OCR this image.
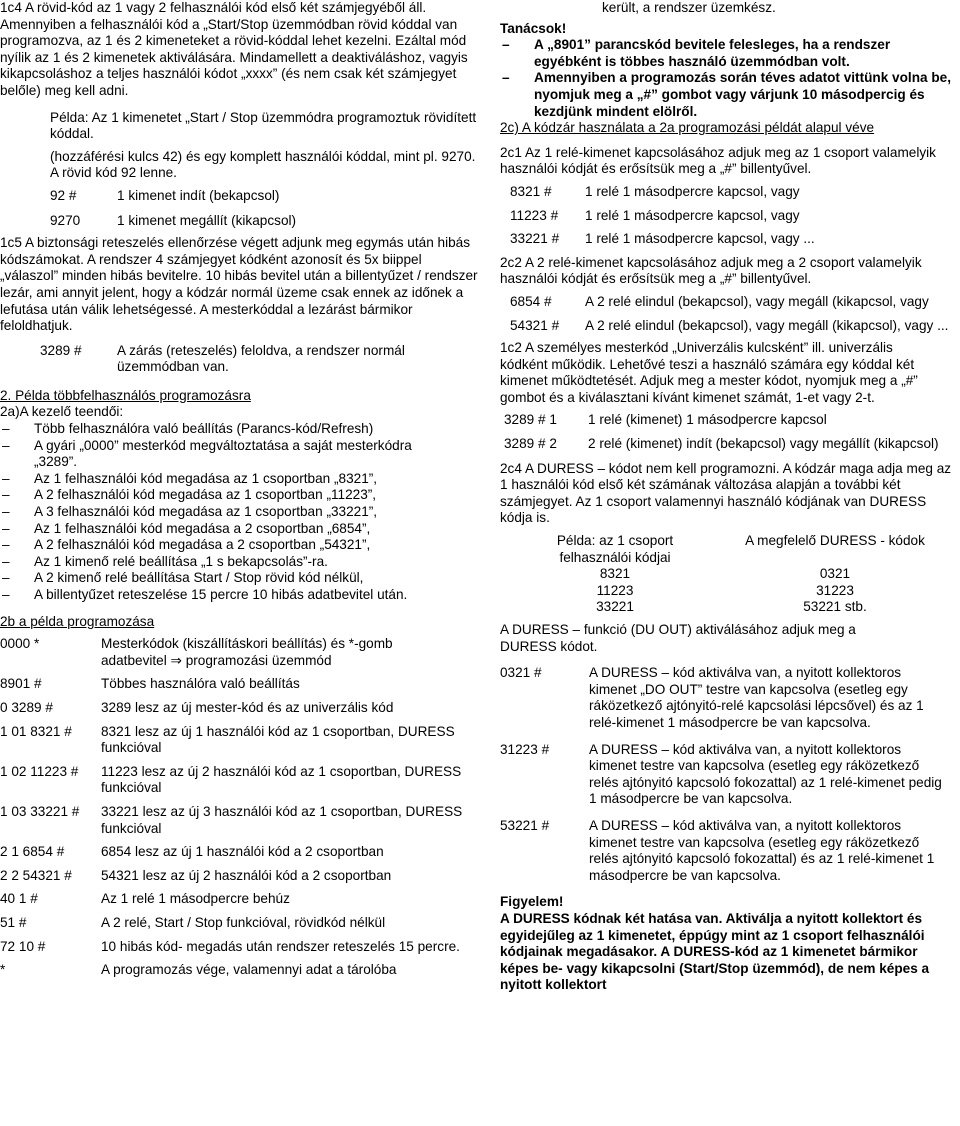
1c4 A rövid-kód az 1 vagy 2 felhasználói kód első két számjegyéből áll. Amennyiben a felhasználói kód a „Start/Stop üzemmódban rövid kóddal van programozva, az 1 és 2 kimeneteket a rövid-kóddal lehet kezelni. Ezáltal mód nyílik az 1 és 2 kimenetek aktiválására. Mindamellett a deaktiváláshoz, vagyis kikapcsoláshoz a teljes használói kódot „xxxx” (és nem csak két számjegyet belőle) meg kell adni.

Példa: Az 1 kimenetet „Start / Stop üzemmódra programoztuk rövidített kóddal.

(hozzáférési kulcs 42) és egy komplett használói kóddal, mint pl. 9270. A rövid kód 92 lenne.

92 #	1 kimenet indít (bekapcsol)
9270	1 kimenet megállít (kikapcsol)

1c5 A biztonsági reteszelés ellenőrzése végett adjunk meg egymás után hibás kódszámokat. A rendszer 4 számjegyet kódként azonosít és 5x biippel „válaszol” minden hibás bevitelre. 10 hibás bevitel után a billentyűzet / rendszer lezár, ami annyit jelent, hogy a kódzár normál üzeme csak ennek az időnek a lefutása után válik lehetségessé. A mesterkóddal a lezárást bármikor feloldhatjuk.

3289 #	A zárás (reteszelés) feloldva, a rendszer normál üzemmódban van.

2. Példa többfelhasználós programozásra

2a)A kezelő teendői:

– Több felhasználóra való beállítás (Parancs-kód/Refresh)
– A gyári „0000” mesterkód megváltoztatása a saját mesterkódra „3289”.
– Az 1 felhasználói kód megadása az 1 csoportban „8321”,
– A 2 felhasználói kód megadása az 1 csoportban „11223”,
– A 3 felhasználói kód megadása az 1 csoportban „33221”,
– Az 1 felhasználói kód megadása a 2 csoportban „6854”,
– A 2 felhasználói kód megadása a 2 csoportban „54321”,
– Az 1 kimenő relé beállítása „1 s bekapcsolás”-ra.
– A 2 kimenő relé beállítása Start / Stop rövid kód nélkül,
– A billentyűzet reteszelése 15 percre 10 hibás adatbevitel után.

2b a példa programozása

0000 *	Mesterkódok (kiszállításkori beállítás) és *-gomb adatbevitel ⇒ programozási üzemmód
8901 #	Többes használóra való beállítás
0 3289 #	3289 lesz az új mester-kód és az univerzális kód
1 01 8321 #	8321 lesz az új 1 használói kód az 1 csoportban, DURESS funkcióval
1 02 11223 #	11223 lesz az új 2 használói kód az 1 csoportban, DURESS funkcióval
1 03 33221 #	33221 lesz az új 3 használói kód az 1 csoportban, DURESS funkcióval
2 1 6854 #	6854 lesz az új 1 használói kód a 2 csoportban
2 2 54321 #	54321 lesz az új 2 használói kód a 2 csoportban
40 1 #	Az 1 relé 1 másodpercre behúz
51 #	A 2 relé, Start / Stop funkcióval, rövidkód nélkül
72 10 #	10 hibás kód- megadás után rendszer reteszelés 15 percre.
*	A programozás vége, valamennyi adat a tárolóba

került, a rendszer üzemkész.

Tanácsok!

– A „8901” parancskód bevitele felesleges, ha a rendszer egyébként is többes használó üzemmódban volt.
– Amennyiben a programozás során téves adatot vittünk volna be, nyomjuk meg a „#” gombot vagy várjunk 10 másodpercig és kezdjünk mindent elölről.

2c) A kódzár használata a 2a programozási példát alapul véve

2c1 Az 1 relé-kimenet kapcsolásához adjuk meg az 1 csoport valamelyik használói kódját és erősítsük meg a „#” billentyűvel.

8321 #	1 relé 1 másodpercre kapcsol, vagy
11223 #	1 relé 1 másodpercre kapcsol, vagy
33221 #	1 relé 1 másodpercre kapcsol, vagy ...

2c2 A 2 relé-kimenet kapcsolásához adjuk meg a 2 csoport valamelyik használói kódját és erősítsük meg a „#” billentyűvel.

6854 #	A 2 relé elindul (bekapcsol), vagy megáll (kikapcsol, vagy
54321 #	A 2 relé elindul (bekapcsol), vagy megáll (kikapcsol), vagy ...

1c2 A személyes mesterkód „Univerzális kulcsként” ill. univerzális kódként működik. Lehetővé teszi a használó számára egy kóddal két kimenet működtetését. Adjuk meg a mester kódot, nyomjuk meg a „#” gombot és a kiválasztani kívánt kimenet számát, 1-et vagy 2-t.

3289 # 1	1 relé (kimenet) 1 másodpercre kapcsol
3289 # 2	2 relé (kimenet) indít (bekapcsol) vagy megállít (kikapcsol)

2c4 A DURESS – kódot nem kell programozni. A kódzár maga adja meg az 1 használói kód első két számának változása alapján a további két számjegyet. Az 1 csoport valamennyi használó kódjának van DURESS kódja is.

Példa: az 1 csoport felhasználói kódjai
A megfelelő DURESS - kódok
8321	0321
11223	31223
33221	53221 stb.

A DURESS – funkció (DU OUT) aktiválásához adjuk meg a DURESS kódot.

0321 #	A DURESS – kód aktiválva van, a nyitott kollektoros kimenet „DO OUT” testre van kapcsolva (esetleg egy ráközetkező ajtónyitó-relé kapcsolási lépcsővel) és az 1 relé-kimenet 1 másodpercre be van kapcsolva.
31223 #	A DURESS – kód aktiválva van, a nyitott kollektoros kimenet testre van kapcsolva (esetleg egy ráközetkező relés ajtónyitó kapcsoló fokozattal) az 1 relé-kimenet pedig 1 másodpercre be van kapcsolva.
53221 #	A DURESS – kód aktiválva van, a nyitott kollektoros kimenet testre van kapcsolva (esetleg egy ráközetkező relés ajtónyitó kapcsoló fokozattal) és az 1 relé-kimenet 1 másodpercre be van kapcsolva.

Figyelem!

A DURESS kódnak két hatása van. Aktiválja a nyitott kollektort és egyidejűleg az 1 kimenetet, éppúgy mint az 1 csoport felhasználói kódjainak megadásakor. A DURESS-kód az 1 kimenetet bármikor képes be- vagy kikapcsolni (Start/Stop üzemmód), de nem képes a nyitott kollektort
